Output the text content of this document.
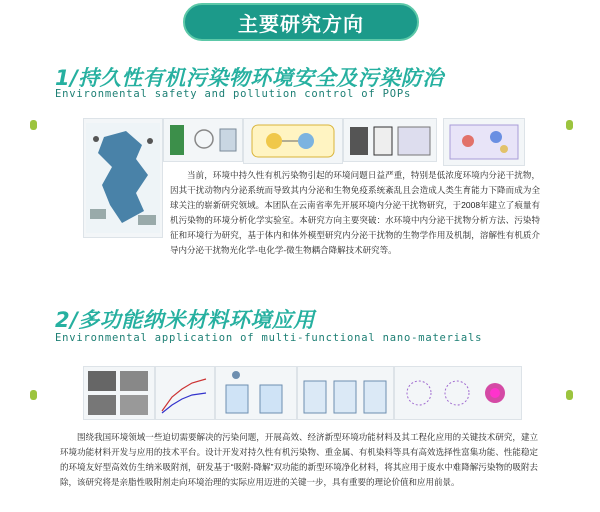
主要研究方向
1/持久性有机污染物环境安全及污染防治
Environmental safety and pollution control of POPs

当前，环境中持久性有机污染物引起的环境问题日益严重，特别是低浓度环境内分泌干扰物，因其干扰动物内分泌系统而导致其内分泌和生物免疫系统紊乱且会造成人类生育能力下降而成为全球关注的崭新研究领域。本团队在云南省率先开展环境内分泌干扰物研究，于2008年建立了痕量有机污染物的环境分析化学实验室。本研究方向主要突破：水环境中内分泌干扰物分析方法、污染特征和环境行为研究，基于体内和体外模型研究内分泌干扰物的生物学作用及机制，溶解性有机质介导内分泌干扰物光化学-电化学-微生物耦合降解技术研究等。

2/多功能纳米材料环境应用
Environmental application of multi-functional nano-materials

围绕我国环境领域一些迫切需要解决的污染问题，开展高效、经济新型环境功能材料及其工程化应用的关键技术研究，建立环境功能材料开发与应用的技术平台。设计开发对持久性有机污染物、重金属、有机染料等具有高效选择性富集功能、性能稳定的环境友好型高效仿生纳米吸附剂，研发基于“吸附-降解”双功能的新型环境净化材料，将其应用于废水中难降解污染物的吸附去除，该研究将是亲脂性吸附剂走向环境治理的实际应用迈进的关键一步，具有重要的理论价值和应用前景。
